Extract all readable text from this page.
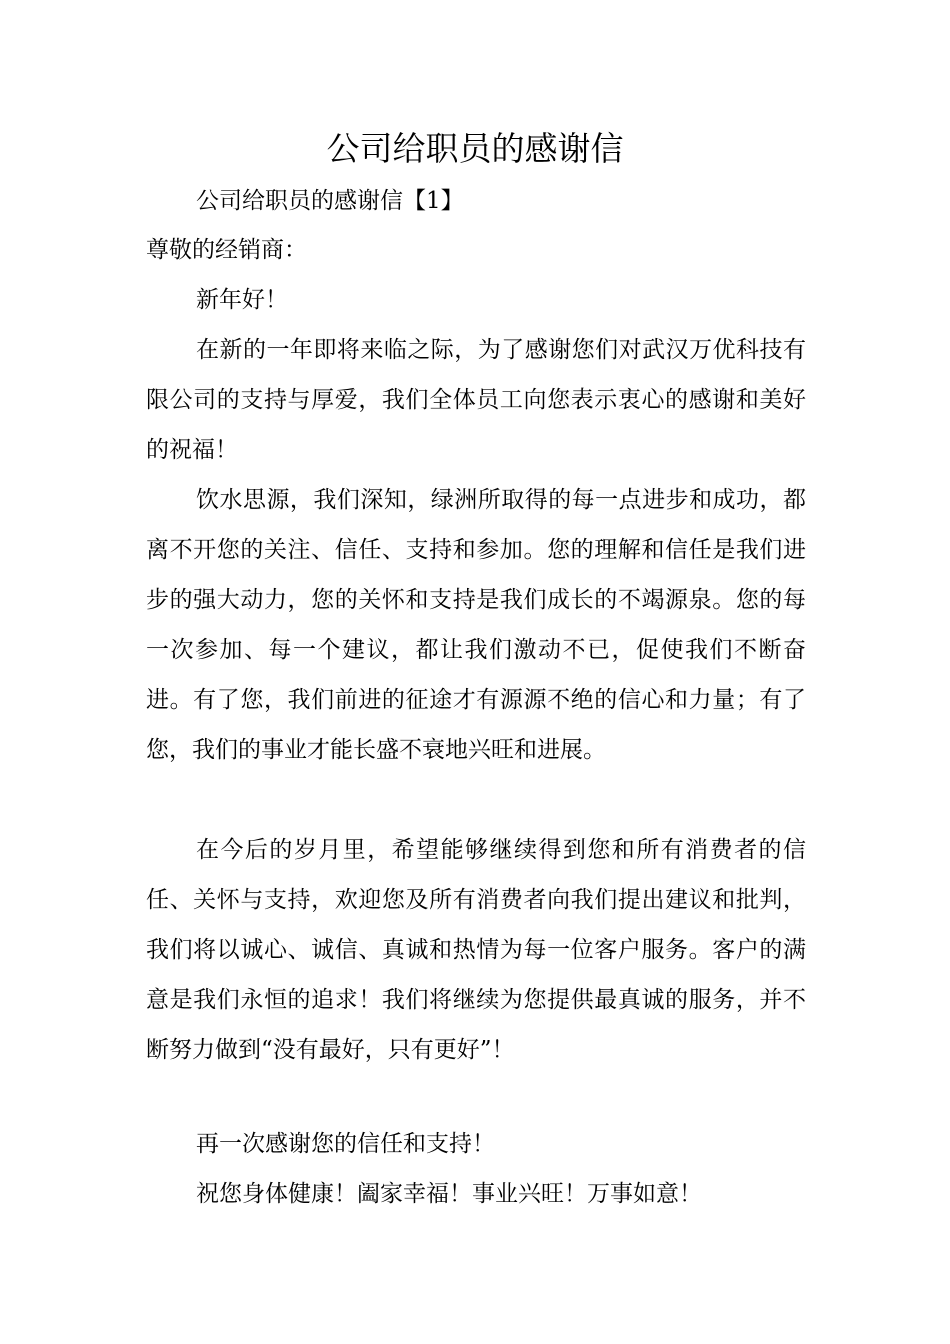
公司给职员的感谢信

公司给职员的感谢信【1】

尊敬的经销商：

新年好！

在新的一年即将来临之际，为了感谢您们对武汉万优科技有限公司的支持与厚爱，我们全体员工向您表示衷心的感谢和美好的祝福！

饮水思源，我们深知，绿洲所取得的每一点进步和成功，都离不开您的关注、信任、支持和参加。您的理解和信任是我们进步的强大动力，您的关怀和支持是我们成长的不竭源泉。您的每一次参加、每一个建议，都让我们激动不已，促使我们不断奋进。有了您，我们前进的征途才有源源不绝的信心和力量；有了您，我们的事业才能长盛不衰地兴旺和进展。

在今后的岁月里，希望能够继续得到您和所有消费者的信任、关怀与支持，欢迎您及所有消费者向我们提出建议和批判，我们将以诚心、诚信、真诚和热情为每一位客户服务。客户的满意是我们永恒的追求！我们将继续为您提供最真诚的服务，并不断努力做到“没有最好，只有更好”！

再一次感谢您的信任和支持！

祝您身体健康！阖家幸福！事业兴旺！万事如意！
